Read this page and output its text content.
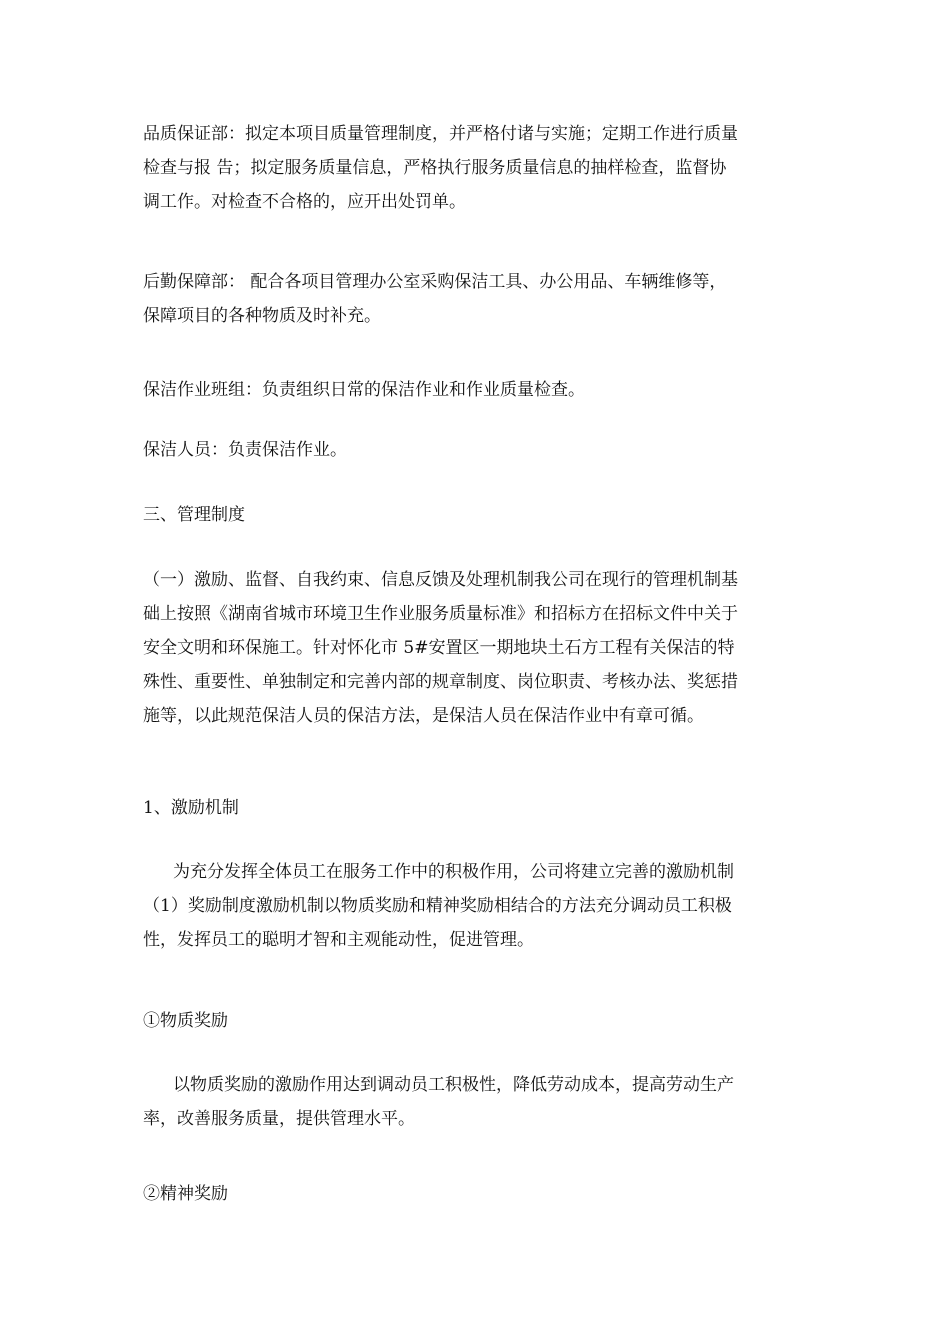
品质保证部：拟定本项目质量管理制度，并严格付诸与实施；定期工作进行质量
检查与报 告；拟定服务质量信息，严格执行服务质量信息的抽样检查，监督协
调工作。对检查不合格的，应开出处罚单。

后勤保障部： 配合各项目管理办公室采购保洁工具、办公用品、车辆维修等，
保障项目的各种物质及时补充。

保洁作业班组：负责组织日常的保洁作业和作业质量检查。

保洁人员：负责保洁作业。

三、管理制度

（一）激励、监督、自我约束、信息反馈及处理机制我公司在现行的管理机制基
础上按照《湖南省城市环境卫生作业服务质量标准》和招标方在招标文件中关于
安全文明和环保施工。针对怀化市 5#安置区一期地块土石方工程有关保洁的特
殊性、重要性、单独制定和完善内部的规章制度、岗位职责、考核办法、奖惩措
施等，以此规范保洁人员的保洁方法，是保洁人员在保洁作业中有章可循。

1、激励机制

为充分发挥全体员工在服务工作中的积极作用，公司将建立完善的激励机制
（1）奖励制度激励机制以物质奖励和精神奖励相结合的方法充分调动员工积极
性，发挥员工的聪明才智和主观能动性，促进管理。

①物质奖励

以物质奖励的激励作用达到调动员工积极性，降低劳动成本，提高劳动生产
率，改善服务质量，提供管理水平。

②精神奖励
